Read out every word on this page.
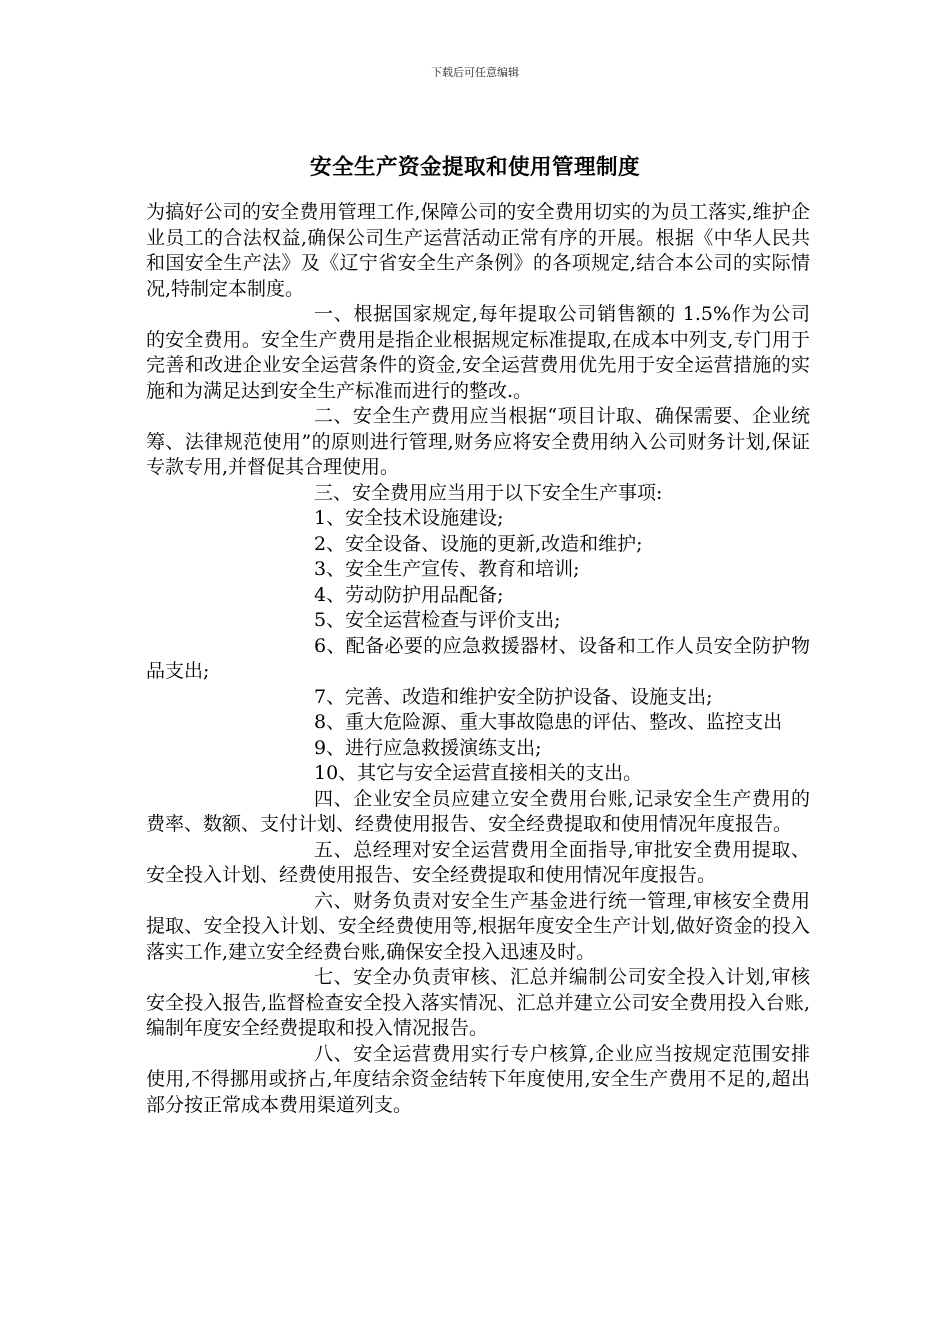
下载后可任意编辑
安全生产资金提取和使用管理制度

为搞好公司的安全费用管理工作,保障公司的安全费用切实的为员工落实,维护企业员工的合法权益,确保公司生产运营活动正常有序的开展。根据《中华人民共和国安全生产法》及《辽宁省安全生产条例》的各项规定,结合本公司的实际情况,特制定本制度。

一、根据国家规定,每年提取公司销售额的 1.5%作为公司的安全费用。安全生产费用是指企业根据规定标准提取,在成本中列支,专门用于完善和改进企业安全运营条件的资金,安全运营费用优先用于安全运营措施的实施和为满足达到安全生产标准而进行的整改.。

二、安全生产费用应当根据“项目计取、确保需要、企业统筹、法律规范使用”的原则进行管理,财务应将安全费用纳入公司财务计划,保证专款专用,并督促其合理使用。

三、安全费用应当用于以下安全生产事项:

1、安全技术设施建设;

2、安全设备、设施的更新,改造和维护;

3、安全生产宣传、教育和培训;

4、劳动防护用品配备;

5、安全运营检查与评价支出;

6、配备必要的应急救援器材、设备和工作人员安全防护物品支出;

7、完善、改造和维护安全防护设备、设施支出;

8、重大危险源、重大事故隐患的评估、整改、监控支出

9、进行应急救援演练支出;

10、其它与安全运营直接相关的支出。

四、企业安全员应建立安全费用台账,记录安全生产费用的费率、数额、支付计划、经费使用报告、安全经费提取和使用情况年度报告。

五、总经理对安全运营费用全面指导,审批安全费用提取、安全投入计划、经费使用报告、安全经费提取和使用情况年度报告。

六、财务负责对安全生产基金进行统一管理,审核安全费用提取、安全投入计划、安全经费使用等,根据年度安全生产计划,做好资金的投入落实工作,建立安全经费台账,确保安全投入迅速及时。

七、安全办负责审核、汇总并编制公司安全投入计划,审核安全投入报告,监督检查安全投入落实情况、汇总并建立公司安全费用投入台账,编制年度安全经费提取和投入情况报告。

八、安全运营费用实行专户核算,企业应当按规定范围安排使用,不得挪用或挤占,年度结余资金结转下年度使用,安全生产费用不足的,超出部分按正常成本费用渠道列支。
